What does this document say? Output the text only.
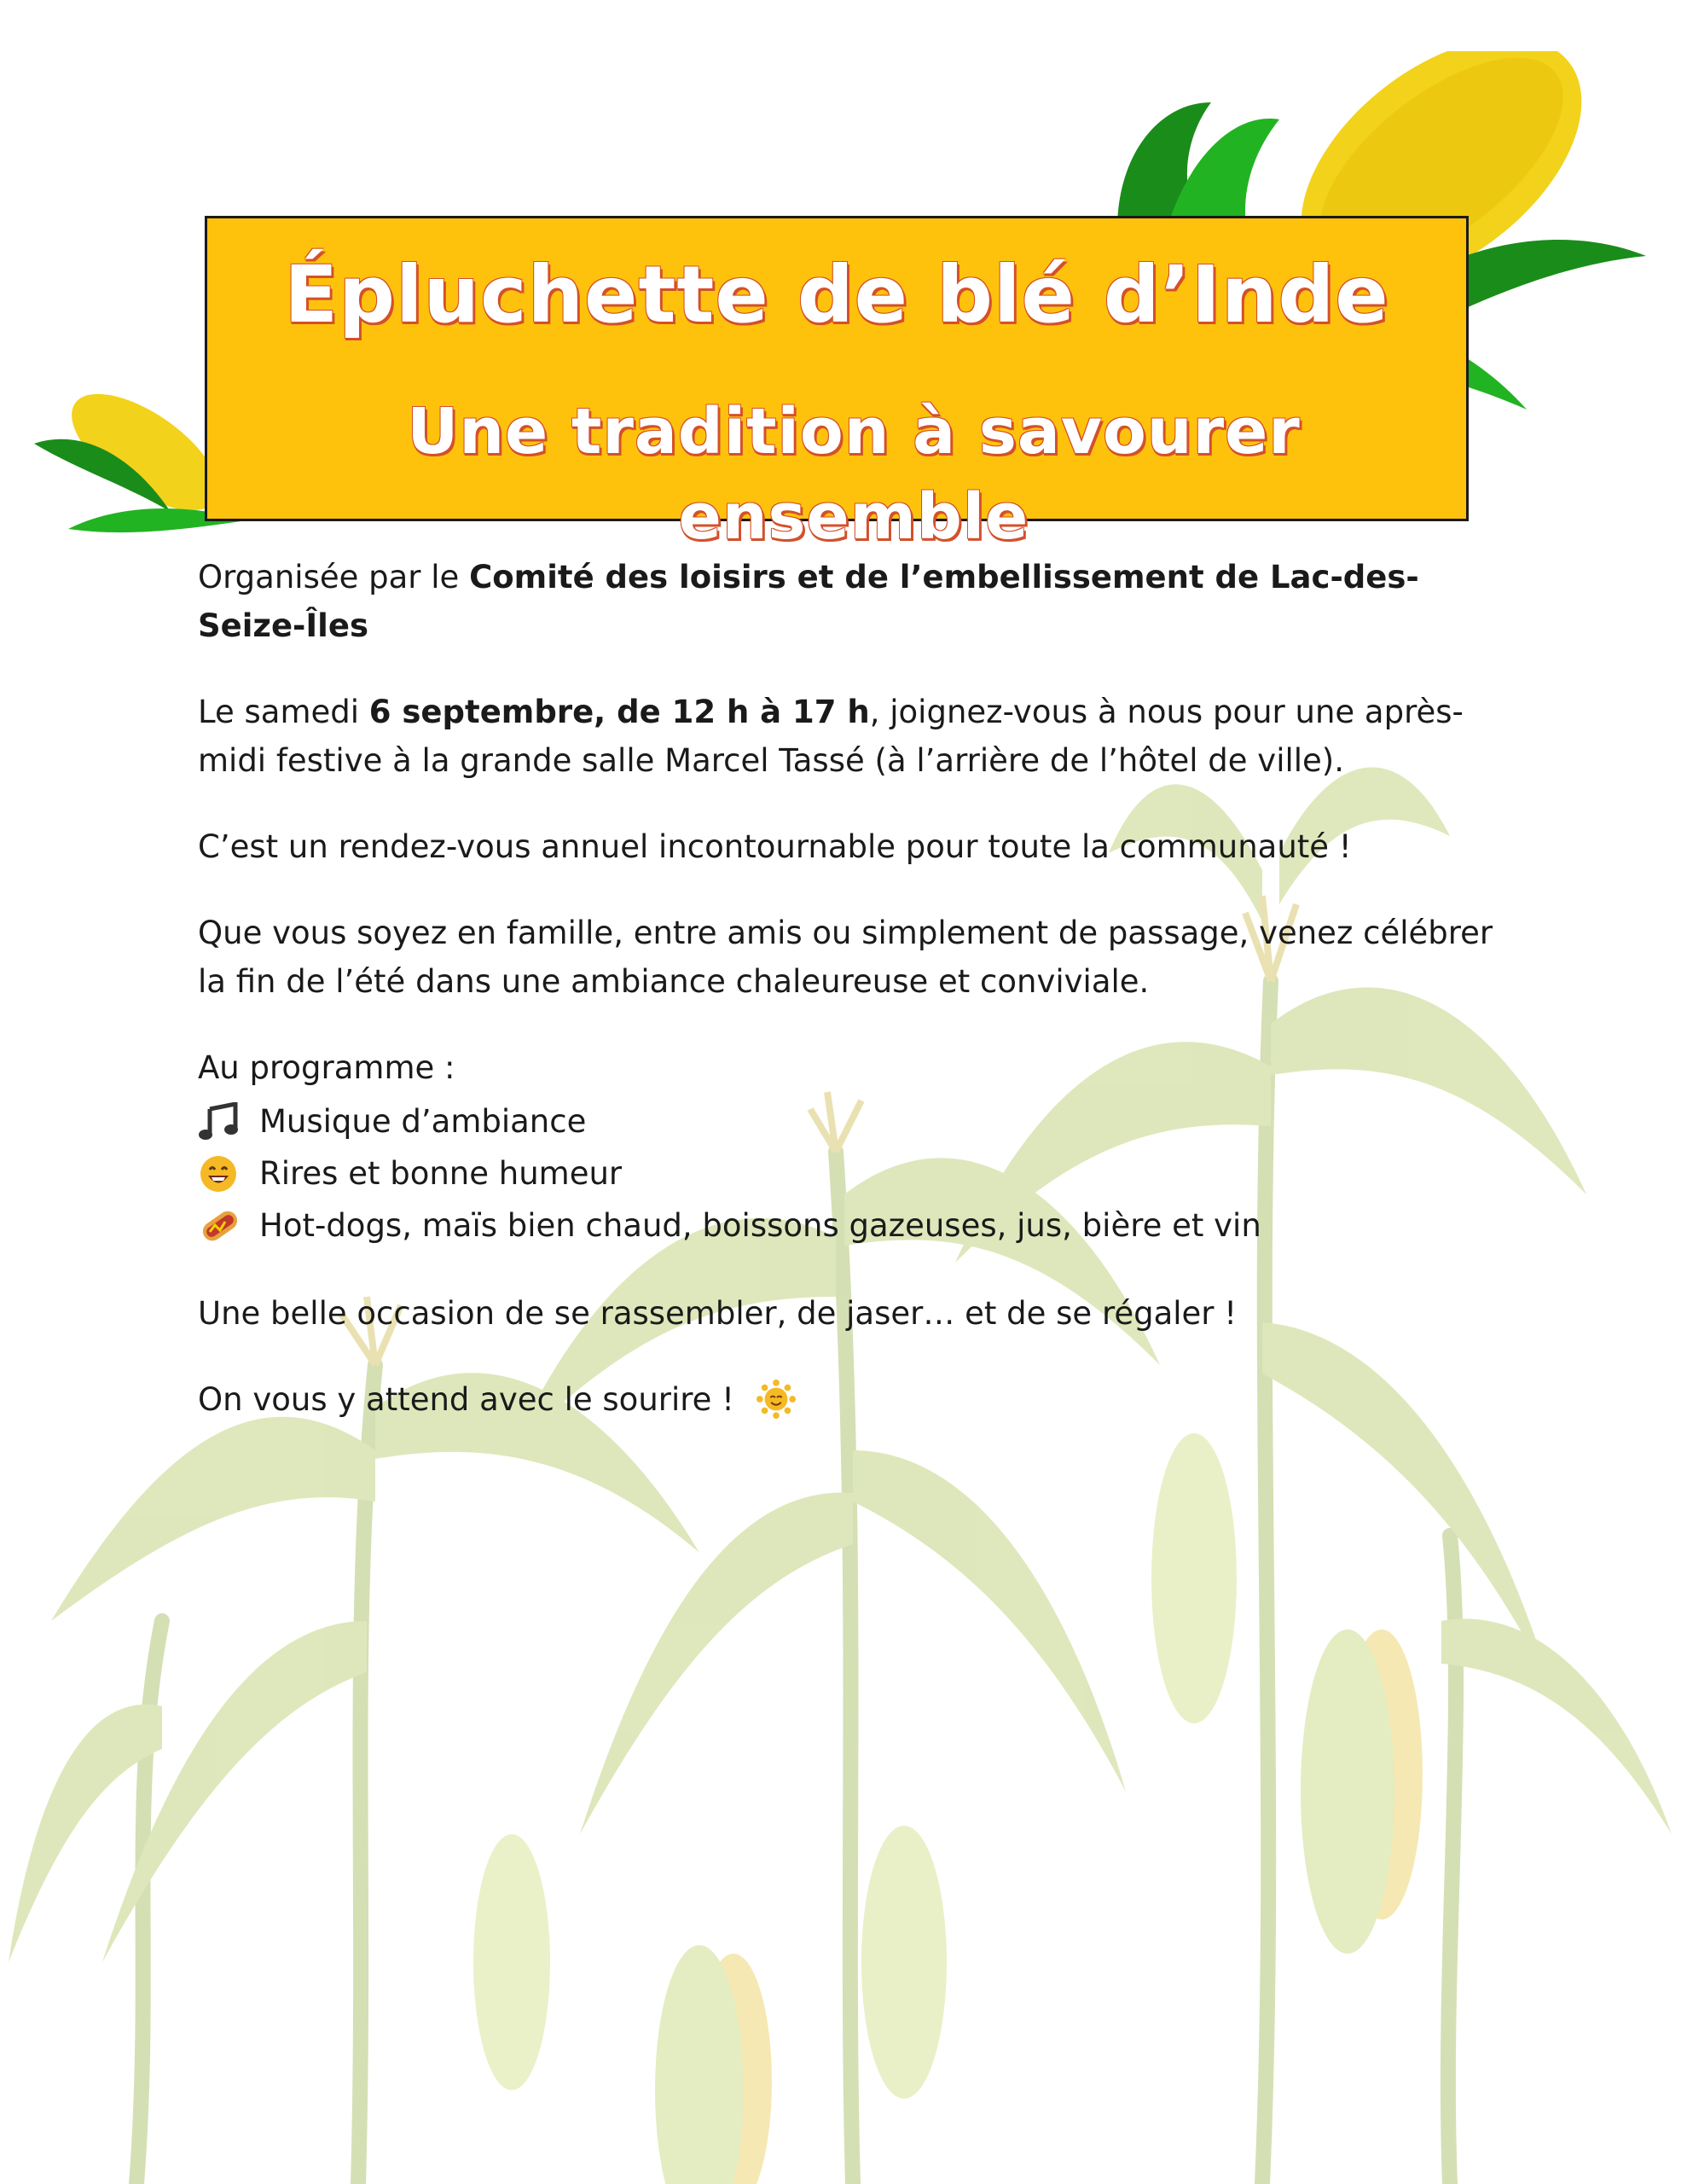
Épluchette de blé d’Inde
Une tradition à savourer ensemble

Organisée par le Comité des loisirs et de l’embellissement de Lac-des-Seize-Îles

Le samedi 6 septembre, de 12 h à 17 h, joignez-vous à nous pour une après-midi festive à la grande salle Marcel Tassé (à l’arrière de l’hôtel de ville).

C’est un rendez-vous annuel incontournable pour toute la communauté !

Que vous soyez en famille, entre amis ou simplement de passage, venez célébrer la fin de l’été dans une ambiance chaleureuse et conviviale.

Au programme :
Musique d’ambiance
Rires et bonne humeur
Hot-dogs, maïs bien chaud, boissons gazeuses, jus, bière et vin

Une belle occasion de se rassembler, de jaser… et de se régaler !

On vous y attend avec le sourire !
